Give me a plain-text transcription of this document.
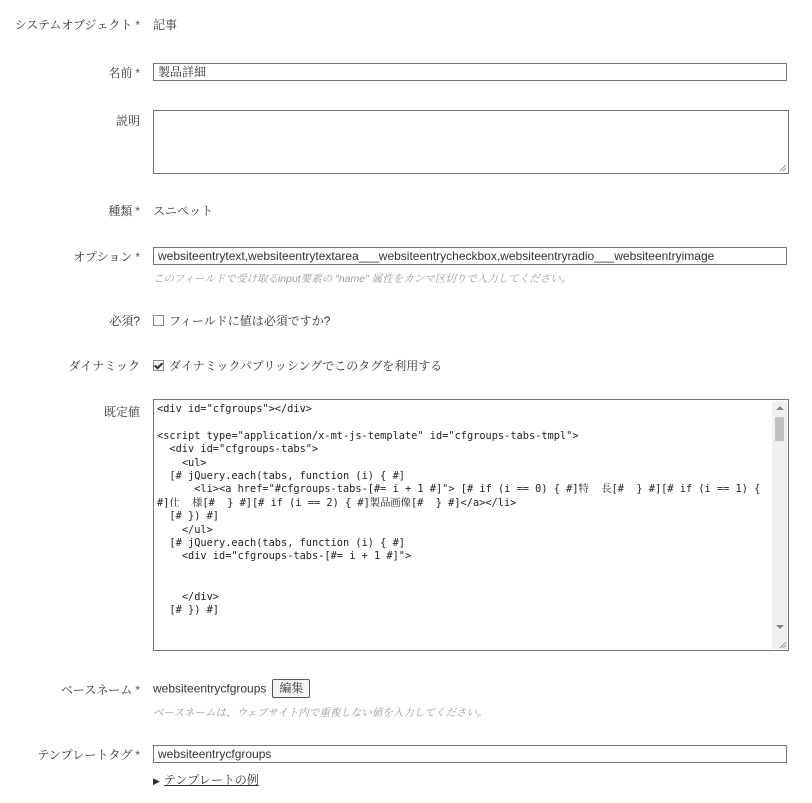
システムオブジェクト * 記事
名前 *	製品詳細
説明
種類 * スニペット
オプション *	websiteentrytext,websiteentrytextarea___websiteentrycheckbox,websiteentryradio___websiteentryimage
このフィールドで受け取るinput要素の "name" 属性をカンマ区切りで入力してください。
必須?	フィールドに値は必須ですか?
ダイナミック	ダイナミックパブリッシングでこのタグを利用する
既定値 <div id="cfgroups"></div>

<script type="application/x-mt-js-template" id="cfgroups-tabs-tmpl">
<div id="cfgroups-tabs">
<ul>
[# jQuery.each(tabs, function (i) { #]
<li><a href="#cfgroups-tabs-[#= i + 1 #]"> [# if (i == 0) { #]特  長[#  } #][# if (i == 1) { #]仕  様[#  } #][# if (i == 2) { #]製品画像[#  } #]</a></li>
[# }) #]
</ul>
[# jQuery.each(tabs, function (i) { #]
<div id="cfgroups-tabs-[#= i + 1 #]">

</div>
[# }) #]
ベースネーム * websiteentrycfgroups 編集
ベースネームは、ウェブサイト内で重複しない値を入力してください。
テンプレートタグ *	websiteentrycfgroups
▶ テンプレートの例
